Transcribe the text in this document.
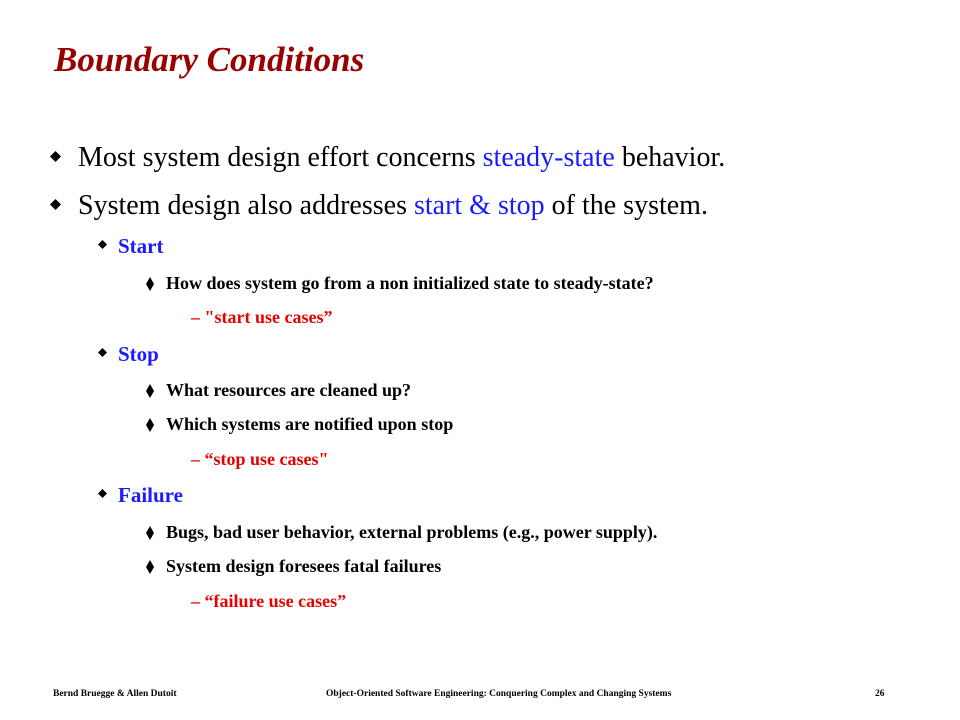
Boundary Conditions
Most system design effort concerns steady-state behavior.
System design also addresses start & stop of the system.
Start
How does system go from a non initialized state to steady-state?
– "start use cases”
Stop
What resources are cleaned up?
Which systems are notified upon stop
– “stop use cases"
Failure
Bugs, bad user behavior, external problems (e.g., power supply).
System design foresees fatal failures
– “failure use cases”
Bernd Bruegge & Allen Dutoit	Object-Oriented Software Engineering: Conquering Complex and Changing Systems	26
